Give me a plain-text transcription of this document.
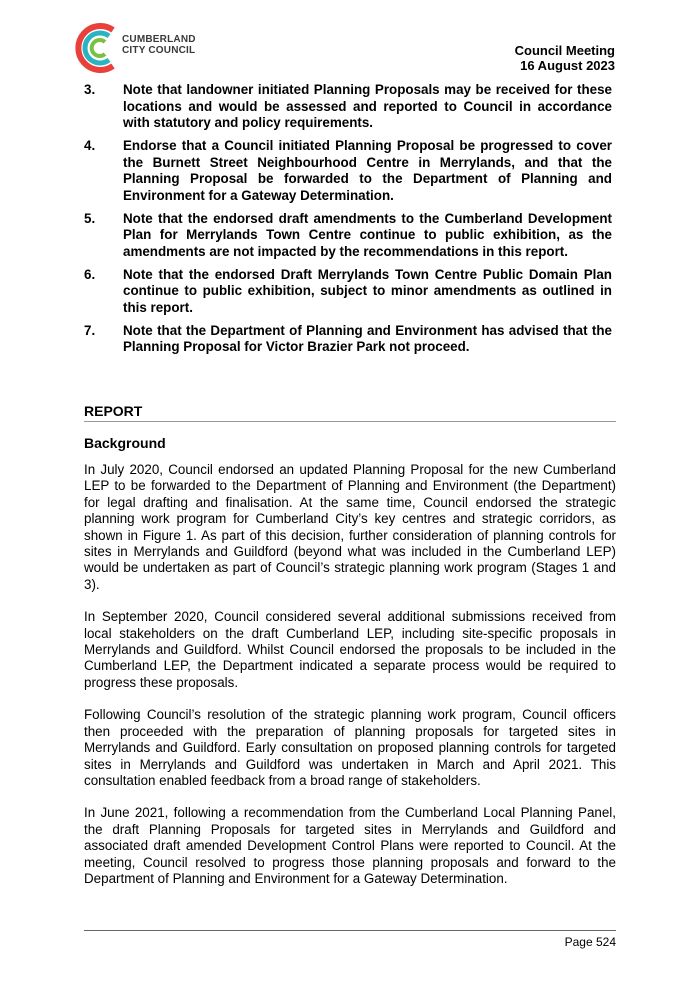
CUMBERLAND
CITY COUNCIL	Council Meeting
16 August 2023
3.	Note that landowner initiated Planning Proposals may be received for these locations and would be assessed and reported to Council in accordance with statutory and policy requirements.
4.	Endorse that a Council initiated Planning Proposal be progressed to cover the Burnett Street Neighbourhood Centre in Merrylands, and that the Planning Proposal be forwarded to the Department of Planning and Environment for a Gateway Determination.
5.	Note that the endorsed draft amendments to the Cumberland Development Plan for Merrylands Town Centre continue to public exhibition, as the amendments are not impacted by the recommendations in this report.
6.	Note that the endorsed Draft Merrylands Town Centre Public Domain Plan continue to public exhibition, subject to minor amendments as outlined in this report.
7.	Note that the Department of Planning and Environment has advised that the Planning Proposal for Victor Brazier Park not proceed.
REPORT
Background

In July 2020, Council endorsed an updated Planning Proposal for the new Cumberland LEP to be forwarded to the Department of Planning and Environment (the Department) for legal drafting and finalisation. At the same time, Council endorsed the strategic planning work program for Cumberland City’s key centres and strategic corridors, as shown in Figure 1. As part of this decision, further consideration of planning controls for sites in Merrylands and Guildford (beyond what was included in the Cumberland LEP) would be undertaken as part of Council’s strategic planning work program (Stages 1 and 3).

In September 2020, Council considered several additional submissions received from local stakeholders on the draft Cumberland LEP, including site-specific proposals in Merrylands and Guildford. Whilst Council endorsed the proposals to be included in the Cumberland LEP, the Department indicated a separate process would be required to progress these proposals.

Following Council’s resolution of the strategic planning work program, Council officers then proceeded with the preparation of planning proposals for targeted sites in Merrylands and Guildford. Early consultation on proposed planning controls for targeted sites in Merrylands and Guildford was undertaken in March and April 2021. This consultation enabled feedback from a broad range of stakeholders.

In June 2021, following a recommendation from the Cumberland Local Planning Panel, the draft Planning Proposals for targeted sites in Merrylands and Guildford and associated draft amended Development Control Plans were reported to Council. At the meeting, Council resolved to progress those planning proposals and forward to the Department of Planning and Environment for a Gateway Determination.

Page 524
